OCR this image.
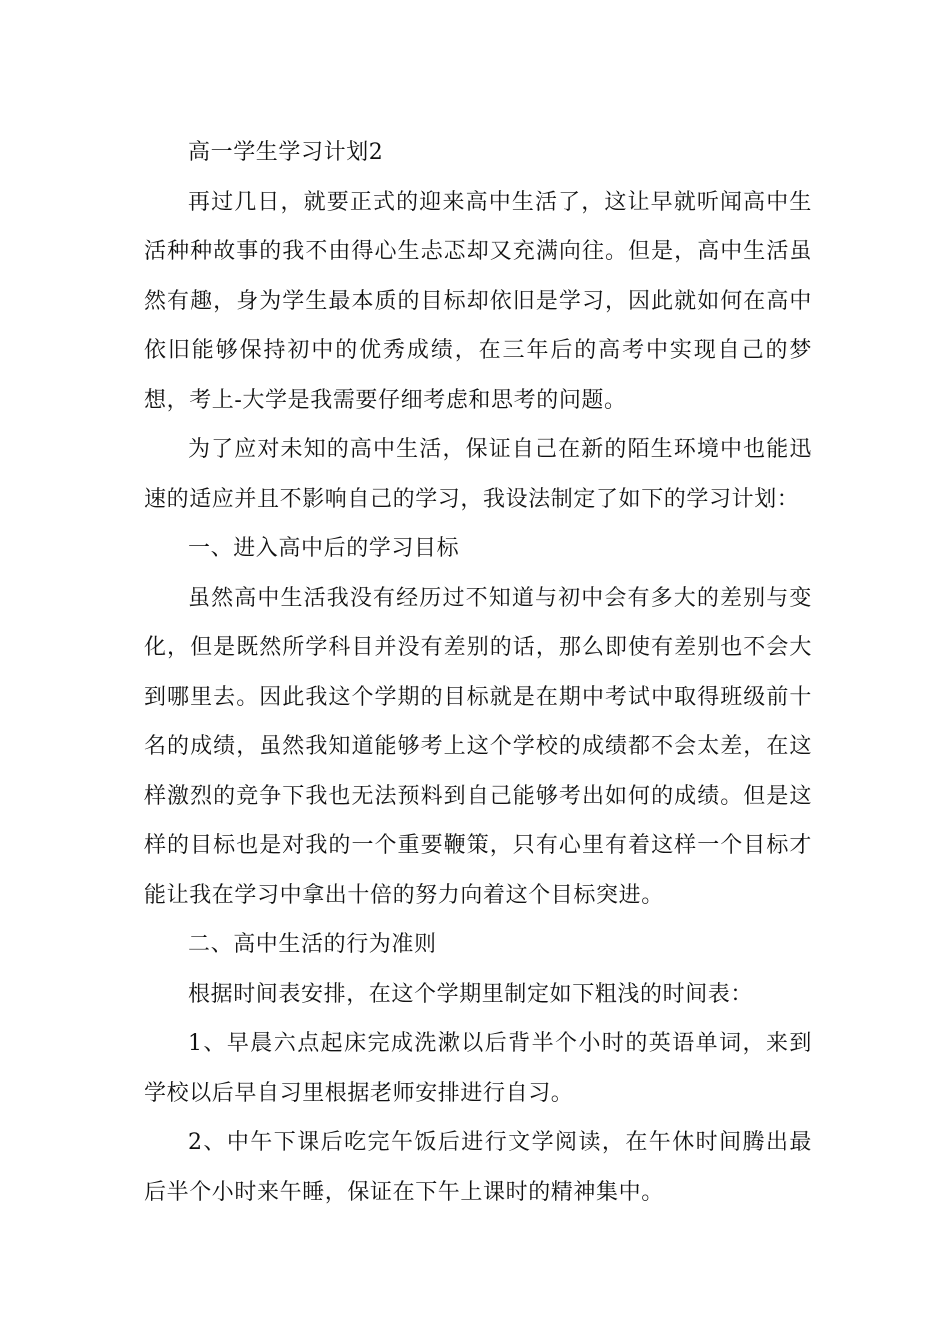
高一学生学习计划2

再过几日，就要正式的迎来高中生活了，这让早就听闻高中生活种种故事的我不由得心生忐忑却又充满向往。但是，高中生活虽然有趣，身为学生最本质的目标却依旧是学习，因此就如何在高中依旧能够保持初中的优秀成绩，在三年后的高考中实现自己的梦想，考上-大学是我需要仔细考虑和思考的问题。

为了应对未知的高中生活，保证自己在新的陌生环境中也能迅速的适应并且不影响自己的学习，我设法制定了如下的学习计划：

一、进入高中后的学习目标

虽然高中生活我没有经历过不知道与初中会有多大的差别与变化，但是既然所学科目并没有差别的话，那么即使有差别也不会大到哪里去。因此我这个学期的目标就是在期中考试中取得班级前十名的成绩，虽然我知道能够考上这个学校的成绩都不会太差，在这样激烈的竞争下我也无法预料到自己能够考出如何的成绩。但是这样的目标也是对我的一个重要鞭策，只有心里有着这样一个目标才能让我在学习中拿出十倍的努力向着这个目标突进。

二、高中生活的行为准则

根据时间表安排，在这个学期里制定如下粗浅的时间表：

1、早晨六点起床完成洗漱以后背半个小时的英语单词，来到学校以后早自习里根据老师安排进行自习。

2、中午下课后吃完午饭后进行文学阅读，在午休时间腾出最后半个小时来午睡，保证在下午上课时的精神集中。
